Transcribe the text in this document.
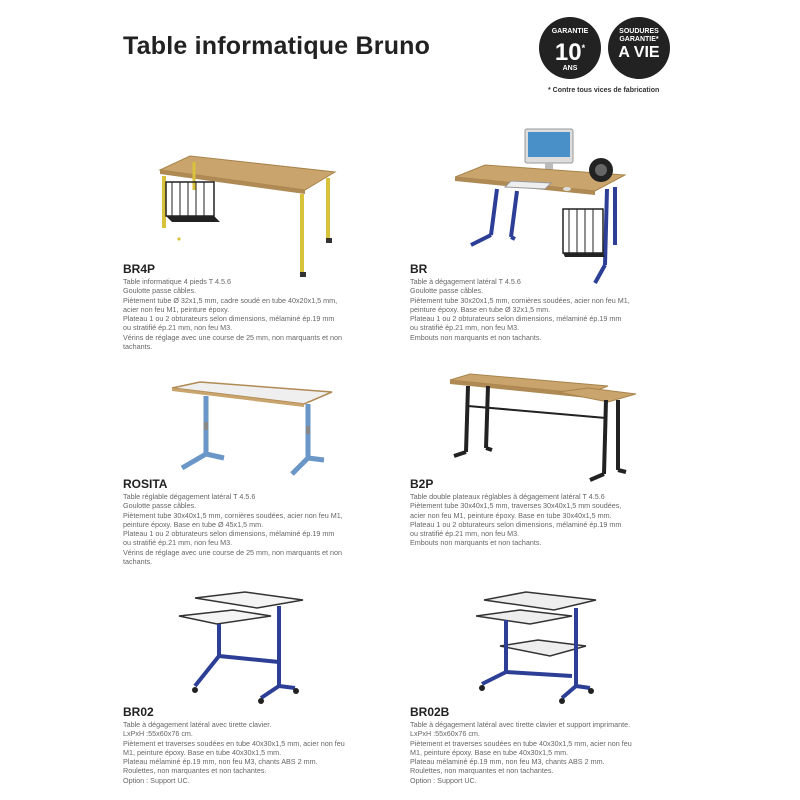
Table informatique Bruno
GARANTIE
10*
ANS
SOUDURES
GARANTIE*
A VIE
* Contre tous vices de fabrication

BR4P

Table informatique 4 pieds T 4.5.6

Goulotte passe câbles.

Piètement tube Ø 32x1,5 mm, cadre soudé en tube 40x20x1,5 mm,

acier non feu M1, peinture époxy.

Plateau 1 ou 2 obturateurs selon dimensions, mélaminé ép.19 mm

ou stratifié ép.21 mm, non feu M3.

Vérins de réglage avec une course de 25 mm, non marquants et non

tachants.

BR

Table à dégagement latéral T 4.5.6

Goulotte passe câbles.

Piètement tube 30x20x1,5 mm, cornières soudées, acier non feu M1,

peinture époxy. Base en tube Ø 32x1,5 mm.

Plateau 1 ou 2 obturateurs selon dimensions, mélaminé ép.19 mm

ou stratifié ép.21 mm, non feu M3.

Embouts non marquants et non tachants.

ROSITA

Table réglable dégagement latéral T 4.5.6

Goulotte passe câbles.

Piètement tube 30x40x1,5 mm, cornières soudées, acier non feu M1,

peinture époxy. Base en tube Ø 45x1,5 mm.

Plateau 1 ou 2 obturateurs selon dimensions, mélaminé ép.19 mm

ou stratifié ép.21 mm, non feu M3.

Vérins de réglage avec une course de 25 mm, non marquants et non

tachants.

B2P

Table double plateaux réglables à dégagement latéral T 4.5.6

Piètement tube 30x40x1,5 mm, traverses 30x40x1,5 mm soudées,

acier non feu M1, peinture époxy. Base en tube 30x40x1,5 mm.

Plateau 1 ou 2 obturateurs selon dimensions, mélaminé ép.19 mm

ou stratifié ép.21 mm, non feu M3.

Embouts non marquants et non tachants.

BR02

Table à dégagement latéral avec tirette clavier.

LxPxH :55x60x76 cm.

Piètement et traverses soudées en tube 40x30x1,5 mm, acier non feu

M1, peinture époxy. Base en tube 40x30x1,5 mm.

Plateau mélaminé ép.19 mm, non feu M3, chants ABS 2 mm.

Roulettes, non marquantes et non tachantes.

Option : Support UC.

BR02B

Table à dégagement latéral avec tirette clavier et support imprimante.

LxPxH :55x60x76 cm.

Piètement et traverses soudées en tube 40x30x1,5 mm, acier non feu

M1, peinture époxy. Base en tube 40x30x1,5 mm.

Plateau mélaminé ép.19 mm, non feu M3, chants ABS 2 mm.

Roulettes, non marquantes et non tachantes.

Option : Support UC.
